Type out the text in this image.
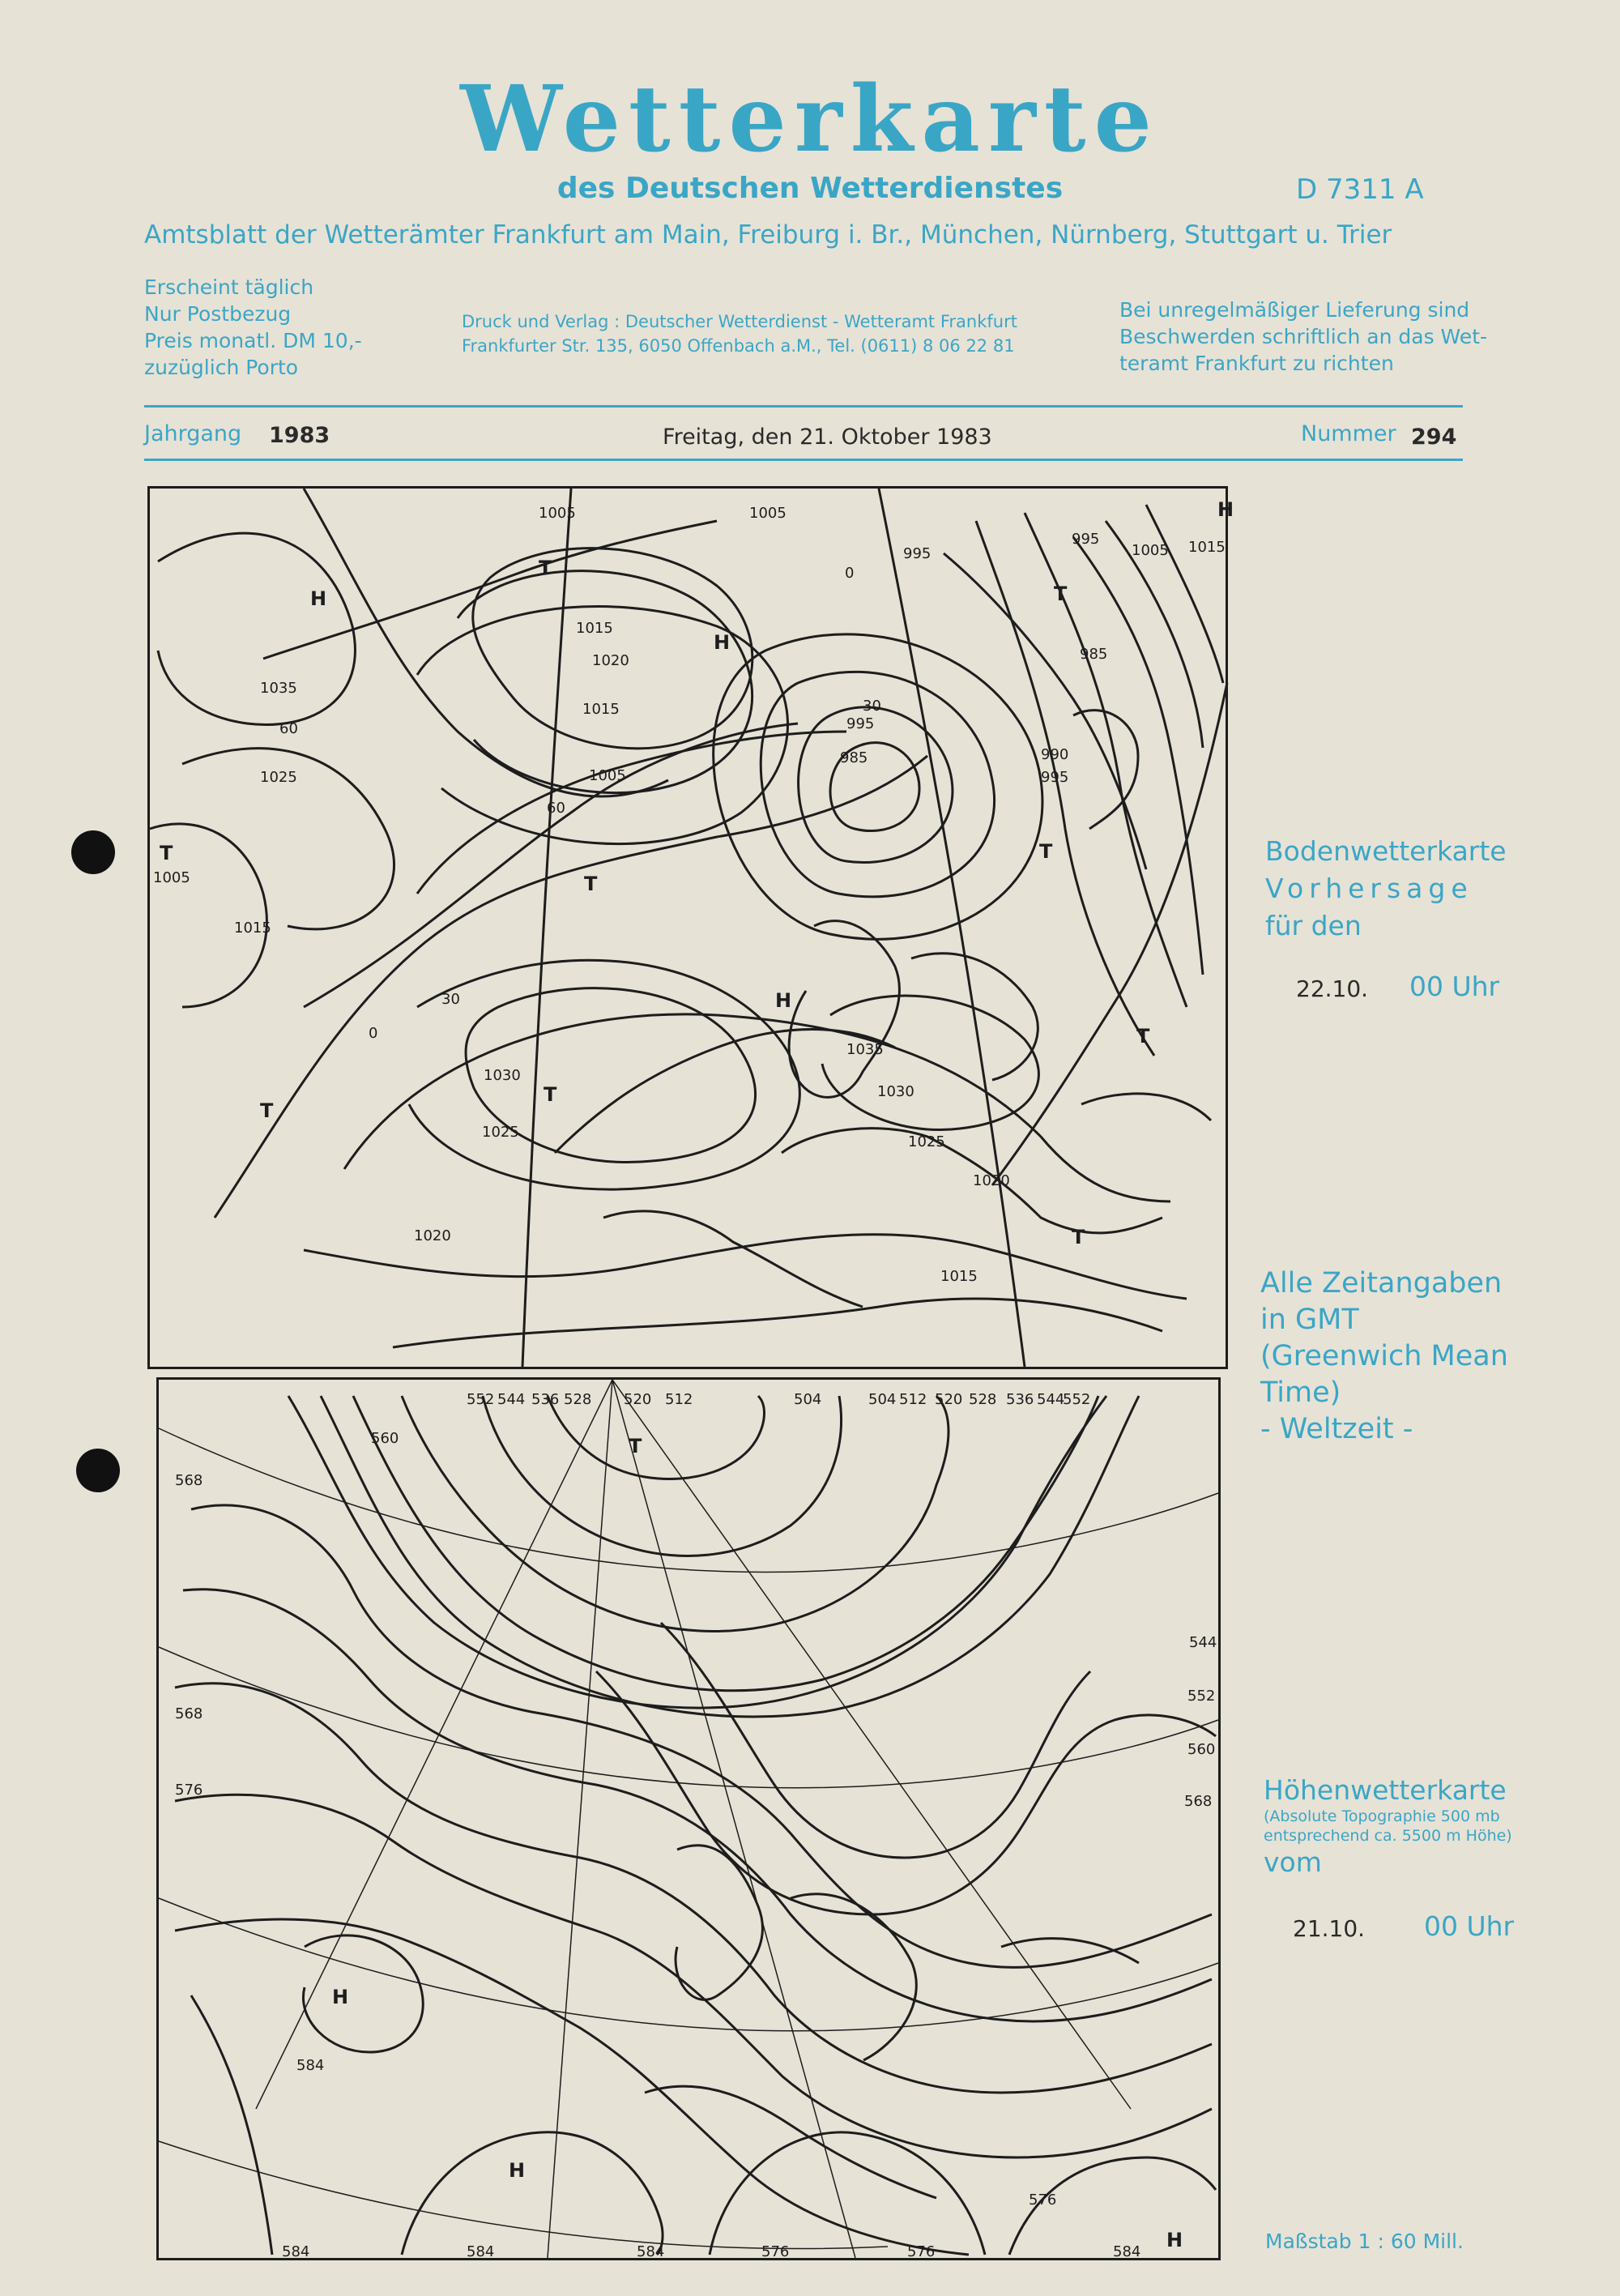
Wetterkarte
des Deutschen Wetterdienstes	D 7311 A
Amtsblatt der Wetterämter Frankfurt am Main, Freiburg i. Br., München, Nürnberg, Stuttgart u. Trier
Erscheint täglich
Nur Postbezug
Preis monatl. DM 10,-
zuzüglich Porto
Druck und Verlag : Deutscher Wetterdienst - Wetteramt Frankfurt
Frankfurter Str. 135, 6050 Offenbach a.M., Tel. (0611) 8 06 22 81
Bei unregelmäßiger Lieferung sind
Beschwerden schriftlich an das Wet-
teramt Frankfurt zu richten
Jahrgang 1983	Freitag, den 21. Oktober 1983	Nummer 294
1005	1005
995
995
1005 1015
1035
1015
1020
1015
1005
995
985	990
995
985
1025
1005
1015
1030
1035
1030
1025
1025
1020
1020
1015
60
60
30
30
0
0
H
H
H
H
T
T
T
T
T
T
T
T
T
552 544 536 528 520 512	504	504 512 520 528 536 544
552
560
568
568
576
584
584	584	584	576	576
576
584
544
552
560
568
T
H
H
H
Bodenwetterkarte
Vorhersage
für den
22.10. 00 Uhr
Alle Zeitangaben
in GMT
(Greenwich Mean
Time)
- Weltzeit -
Höhenwetterkarte
(Absolute Topographie 500 mb
entsprechend ca. 5500 m Höhe)
vom
21.10. 00 Uhr
Maßstab 1 : 60 Mill.
